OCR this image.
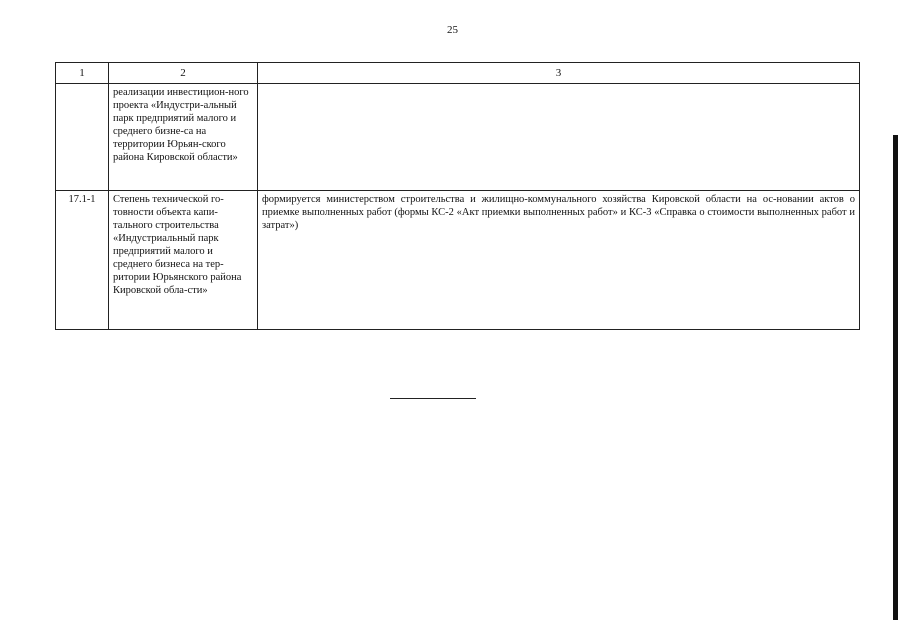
25
1	2	3
	реализации инвестицион-ного проекта «Индустри-альный парк предприятий малого и среднего бизне-са на территории Юрьян-ского района Кировской области»	
17.1-1	Степень технической го-товности объекта капи-тального строительства «Индустриальный парк предприятий малого и среднего бизнеса на тер-ритории Юрьянского района Кировской обла-сти»	формируется министерством строительства и жилищно-коммунального хозяйства Кировской области на ос-новании актов о приемке выполненных работ (формы КС-2 «Акт приемки выполненных работ» и КС-3 «Справка о стоимости выполненных работ и затрат»)
